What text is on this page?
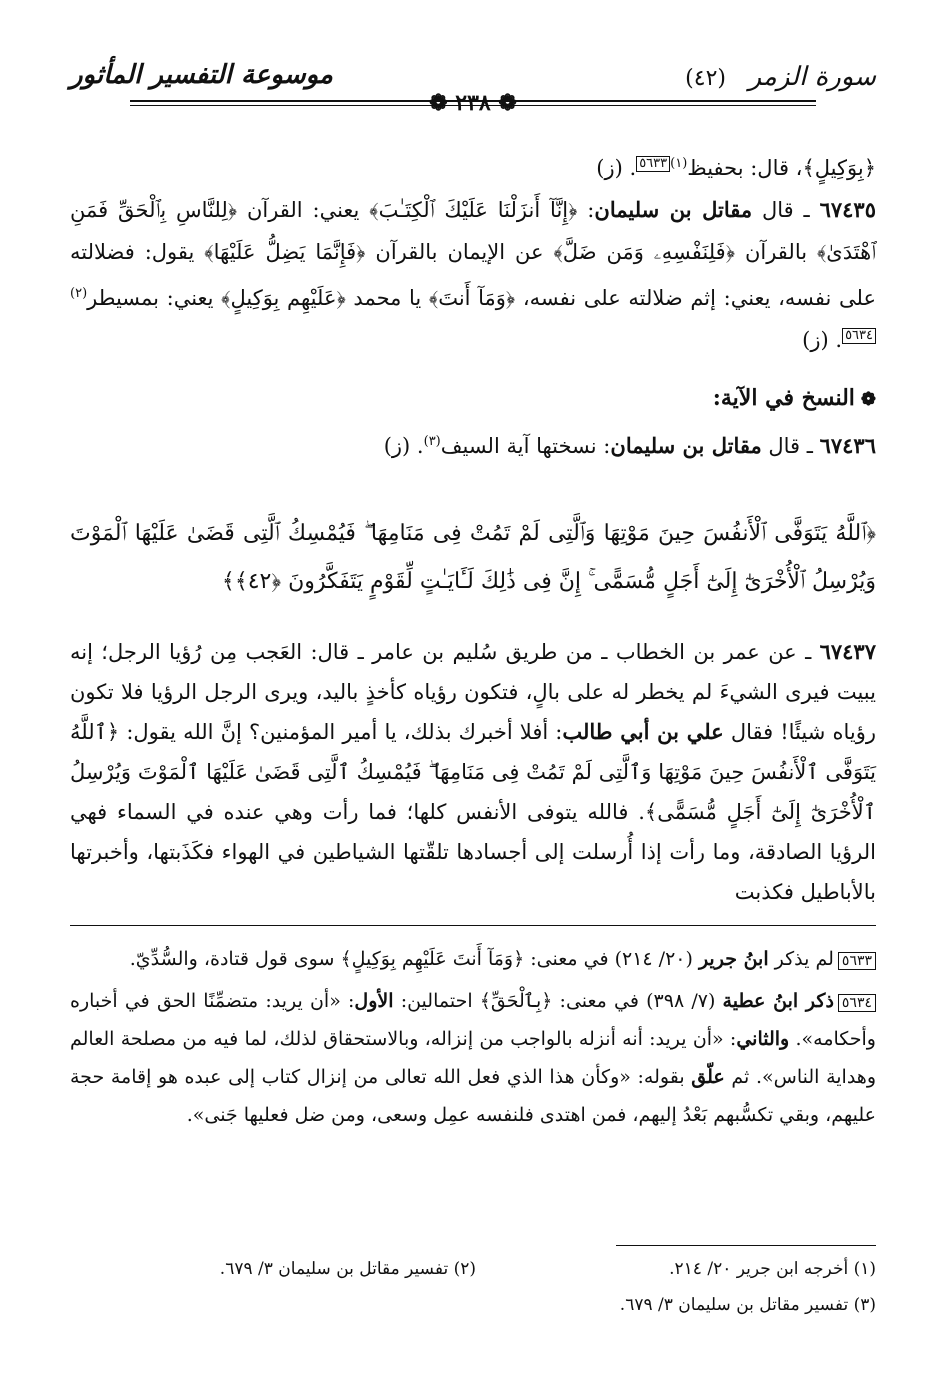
سورة الزمر
(٤٢)
❁ ٢٣٨ ❁
موسوعة التفسير المأثور

﴿بِوَكِيلٍ﴾، قال: بحفيظ$^{(١)}$٥٦٣٣. (ز)

٦٧٤٣٥ ـ قال مقاتل بن سليمان: ﴿إِنَّآ أَنزَلْنَا عَلَيْكَ ٱلْكِتَـٰبَ﴾ يعني: القرآن ﴿لِلنَّاسِ بِٱلْحَقِّ فَمَنِ ٱهْتَدَىٰ﴾ بالقرآن ﴿فَلِنَفْسِهِۦ وَمَن ضَلَّ﴾ عن الإيمان بالقرآن ﴿فَإِنَّمَا يَضِلُّ عَلَيْهَا﴾ يقول: فضلالته على نفسه، يعني: إثم ضلالته على نفسه، ﴿وَمَآ أَنتَ﴾ يا محمد ﴿عَلَيْهِم بِوَكِيلٍ﴾ يعني: بمسيطر$^{(٢)}$٥٦٣٤. (ز)

❁النسخ في الآية:

٦٧٤٣٦ ـ قال مقاتل بن سليمان: نسختها آية السيف$^{(٣)}$. (ز)

﴿ٱللَّهُ يَتَوَفَّى ٱلْأَنفُسَ حِينَ مَوْتِهَا وَٱلَّتِى لَمْ تَمُتْ فِى مَنَامِهَا ۖ فَيُمْسِكُ ٱلَّتِى قَضَىٰ عَلَيْهَا ٱلْمَوْتَ وَيُرْسِلُ ٱلْأُخْرَىٰٓ إِلَىٰٓ أَجَلٍ مُّسَمًّى ۚ إِنَّ فِى ذَٰلِكَ لَـَٔايَـٰتٍ لِّقَوْمٍ يَتَفَكَّرُونَ ﴿٤٢﴾﴾
٦٧٤٣٧ ـ عن عمر بن الخطاب ـ من طريق سُليم بن عامر ـ قال: العَجب مِن رُؤيا الرجل؛ إنه يبيت فيرى الشيءَ لم يخطر له على بالٍ، فتكون رؤياه كأخذٍ باليد، ويرى الرجل الرؤيا فلا تكون رؤياه شيئًا! فقال علي بن أبي طالب: أفلا أخبرك بذلك، يا أمير المؤمنين؟ إنَّ الله يقول: ﴿ٱللَّهُ يَتَوَفَّى ٱلْأَنفُسَ حِينَ مَوْتِهَا وَٱلَّتِى لَمْ تَمُتْ فِى مَنَامِهَا ۖ فَيُمْسِكُ ٱلَّتِى قَضَىٰ عَلَيْهَا ٱلْمَوْتَ وَيُرْسِلُ ٱلْأُخْرَىٰٓ إِلَىٰٓ أَجَلٍ مُّسَمًّى﴾. فالله يتوفى الأنفس كلها؛ فما رأت وهي عنده في السماء فهي الرؤيا الصادقة، وما رأت إذا أُرسلت إلى أجسادها تلقّتها الشياطين في الهواء فكَذَبتها، وأخبرتها بالأباطيل فكذبت

٥٦٣٣لم يذكر ابنُ جرير (٢٠/ ٢١٤) في معنى: ﴿وَمَآ أَنتَ عَلَيْهِم بِوَكِيلٍ﴾ سوى قول قتادة، والسُّدِّيّ.

٥٦٣٤ذكر ابنُ عطية (٧/ ٣٩٨) في معنى: ﴿بِٱلْحَقِّ﴾ احتمالين: الأول: «أن يريد: متضمِّنًا الحق في أخباره وأحكامه». والثاني: «أن يريد: أنه أنزله بالواجب من إنزاله، وبالاستحقاق لذلك، لما فيه من مصلحة العالم وهداية الناس». ثم علّق بقوله: «وكأن هذا الذي فعل الله تعالى من إنزال كتاب إلى عبده هو إقامة حجة عليهم، وبقي تكسُّبهم بَعْدُ إليهم، فمن اهتدى فلنفسه عمِل وسعى، ومن ضل فعليها جَنى».

(١) أخرجه ابن جرير ٢٠/ ٢١٤.
(٢) تفسير مقاتل بن سليمان ٣/ ٦٧٩.
(٣) تفسير مقاتل بن سليمان ٣/ ٦٧٩.
